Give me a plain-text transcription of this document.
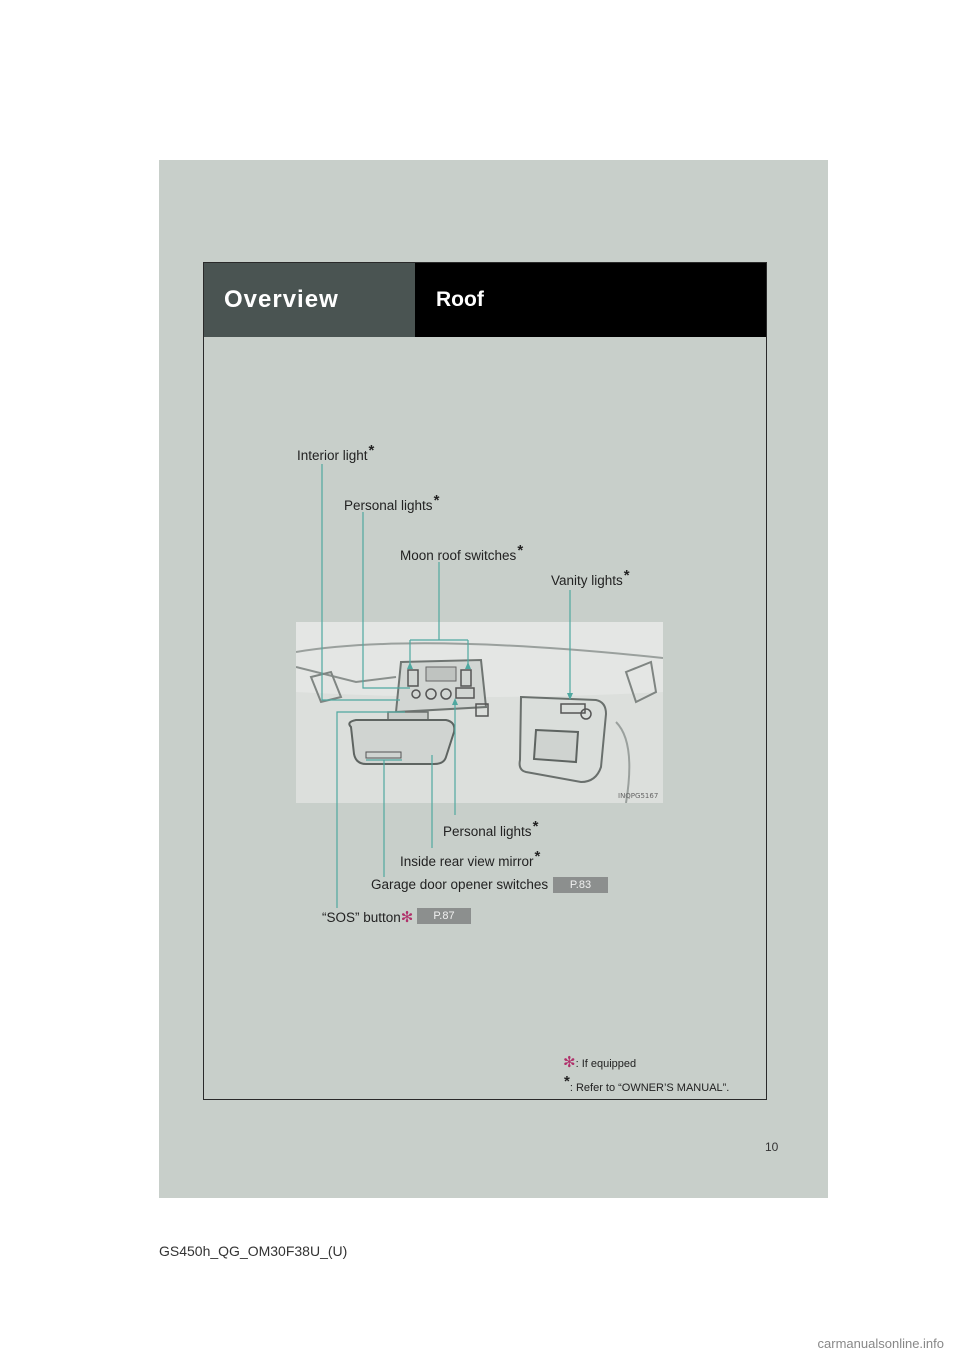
Overview	Roof
INQPG5167
Interior light*
Personal lights*
Moon roof switches*
Vanity lights*
Personal lights*
Inside rear view mirror*
Garage door opener switches	P.83
“SOS” button✻	P.87
✻: If equipped
*: Refer to “OWNER’S MANUAL”.
10
GS450h_QG_OM30F38U_(U)
carmanualsonline.info
